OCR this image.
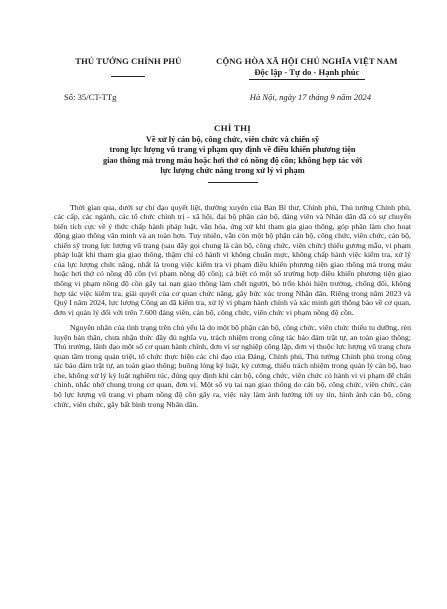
THỦ TƯỚNG CHÍNH PHỦ	CỘNG HÒA XÃ HỘI CHỦ NGHĨA VIỆT NAM
Độc lập - Tự do - Hạnh phúc
Số: 35/CT-TTg	Hà Nội, ngày 17 tháng 9 năm 2024
CHỈ THỊ
Về xử lý cán bộ, công chức, viên chức và chiến sỹ
trong lực lượng vũ trang vi phạm quy định về điều khiển phương tiện
giao thông mà trong máu hoặc hơi thở có nồng độ cồn; không hợp tác với
lực lượng chức năng trong xử lý vi phạm

Thời gian qua, dưới sự chỉ đạo quyết liệt, thường xuyên của Ban Bí thư, Chính phủ, Thủ tướng Chính phủ, các cấp, các ngành, các tổ chức chính trị - xã hội, đại bộ phận cán bộ, đảng viên và Nhân dân đã có sự chuyển biến tích cực về ý thức chấp hành pháp luật, văn hóa, ứng xử khi tham gia giao thông, góp phần làm cho hoạt động giao thông văn minh và an toàn hơn. Tuy nhiên, vẫn còn một bộ phận cán bộ, công chức, viên chức, cán bộ, chiến sỹ trong lực lượng vũ trang (sau đây gọi chung là cán bộ, công chức, viên chức) thiếu gương mẫu, vi phạm pháp luật khi tham gia giao thông, thậm chí có hành vi không chuẩn mực, không chấp hành việc kiểm tra, xử lý của lực lượng chức năng, nhất là trong việc kiểm tra vi phạm điều khiển phương tiện giao thông mà trong máu hoặc hơi thở có nồng độ cồn (vi phạm nồng độ cồn); cá biệt có một số trường hợp điều khiển phương tiện giao thông vi phạm nồng độ cồn gây tai nạn giao thông làm chết người, bỏ trốn khỏi hiện trường, chống đối, không hợp tác việc kiểm tra, giải quyết của cơ quan chức năng, gây bức xúc trong Nhân dân. Riêng trong năm 2023 và Quý I năm 2024, lực lượng Công an đã kiểm tra, xử lý vi phạm hành chính và xác minh gửi thông báo về cơ quan, đơn vị quản lý đối với trên 7.600 đảng viên, cán bộ, công chức, viên chức vi phạm nồng độ cồn.

Nguyên nhân của tình trạng trên chủ yếu là do một bộ phận cán bộ, công chức, viên chức thiếu tu dưỡng, rèn luyện bản thân, chưa nhận thức đầy đủ nghĩa vụ, trách nhiệm trong công tác bảo đảm trật tự, an toàn giao thông; Thủ trưởng, lãnh đạo một số cơ quan hành chính, đơn vị sự nghiệp công lập, đơn vị thuộc lực lượng vũ trang chưa quan tâm trong quán triệt, tổ chức thực hiện các chỉ đạo của Đảng, Chính phủ, Thủ tướng Chính phủ trong công tác bảo đảm trật tự, an toàn giao thông; buông lỏng kỷ luật, kỷ cương, thiếu trách nhiệm trong quản lý cán bộ, bao che, không xử lý kỷ luật nghiêm túc, đúng quy định khi cán bộ, công chức, viên chức có hành vi vi phạm để chấn chỉnh, nhắc nhở chung trong cơ quan, đơn vị. Một số vụ tai nạn giao thông do cán bộ, công chức, viên chức, cán bộ lực lượng vũ trang vi phạm nồng độ cồn gây ra, việc này làm ảnh hưởng tới uy tín, hình ảnh cán bộ, công chức, viên chức, gây bất bình trong Nhân dân.
